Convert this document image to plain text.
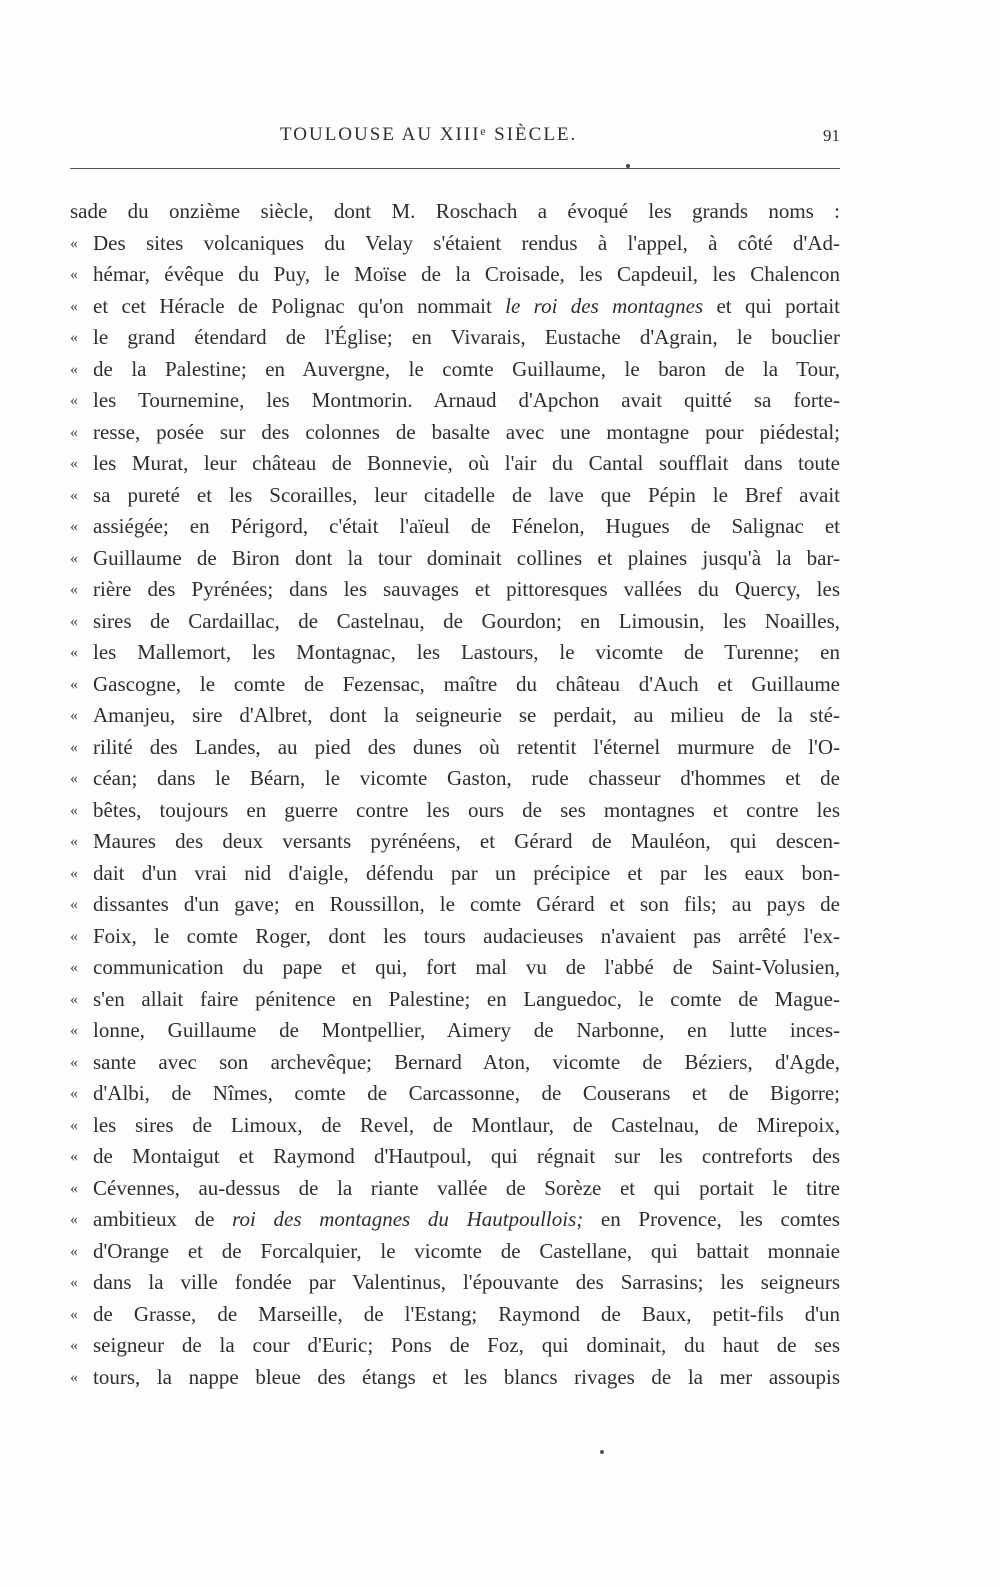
TOULOUSE AU XIIIᵉ SIÈCLE.	91
sade du onzième siècle, dont M. Roschach a évoqué les grands noms :
« Des sites volcaniques du Velay s'étaient rendus à l'appel, à côté d'Ad-
« hémar, évêque du Puy, le Moïse de la Croisade, les Capdeuil, les Chalencon
« et cet Héracle de Polignac qu'on nommait le roi des montagnes et qui portait
« le grand étendard de l'Église; en Vivarais, Eustache d'Agrain, le bouclier
« de la Palestine; en Auvergne, le comte Guillaume, le baron de la Tour,
« les Tournemine, les Montmorin. Arnaud d'Apchon avait quitté sa forte-
« resse, posée sur des colonnes de basalte avec une montagne pour piédestal;
« les Murat, leur château de Bonnevie, où l'air du Cantal soufflait dans toute
« sa pureté et les Scorailles, leur citadelle de lave que Pépin le Bref avait
« assiégée; en Périgord, c'était l'aïeul de Fénelon, Hugues de Salignac et
« Guillaume de Biron dont la tour dominait collines et plaines jusqu'à la bar-
« rière des Pyrénées; dans les sauvages et pittoresques vallées du Quercy, les
« sires de Cardaillac, de Castelnau, de Gourdon; en Limousin, les Noailles,
« les Mallemort, les Montagnac, les Lastours, le vicomte de Turenne; en
« Gascogne, le comte de Fezensac, maître du château d'Auch et Guillaume
« Amanjeu, sire d'Albret, dont la seigneurie se perdait, au milieu de la sté-
« rilité des Landes, au pied des dunes où retentit l'éternel murmure de l'O-
« céan; dans le Béarn, le vicomte Gaston, rude chasseur d'hommes et de
« bêtes, toujours en guerre contre les ours de ses montagnes et contre les
« Maures des deux versants pyrénéens, et Gérard de Mauléon, qui descen-
« dait d'un vrai nid d'aigle, défendu par un précipice et par les eaux bon-
« dissantes d'un gave; en Roussillon, le comte Gérard et son fils; au pays de
« Foix, le comte Roger, dont les tours audacieuses n'avaient pas arrêté l'ex-
« communication du pape et qui, fort mal vu de l'abbé de Saint-Volusien,
« s'en allait faire pénitence en Palestine; en Languedoc, le comte de Mague-
« lonne, Guillaume de Montpellier, Aimery de Narbonne, en lutte inces-
« sante avec son archevêque; Bernard Aton, vicomte de Béziers, d'Agde,
« d'Albi, de Nîmes, comte de Carcassonne, de Couserans et de Bigorre;
« les sires de Limoux, de Revel, de Montlaur, de Castelnau, de Mirepoix,
« de Montaigut et Raymond d'Hautpoul, qui régnait sur les contreforts des
« Cévennes, au-dessus de la riante vallée de Sorèze et qui portait le titre
« ambitieux de roi des montagnes du Hautpoullois; en Provence, les comtes
« d'Orange et de Forcalquier, le vicomte de Castellane, qui battait monnaie
« dans la ville fondée par Valentinus, l'épouvante des Sarrasins; les seigneurs
« de Grasse, de Marseille, de l'Estang; Raymond de Baux, petit-fils d'un
« seigneur de la cour d'Euric; Pons de Foz, qui dominait, du haut de ses
« tours, la nappe bleue des étangs et les blancs rivages de la mer assoupis
